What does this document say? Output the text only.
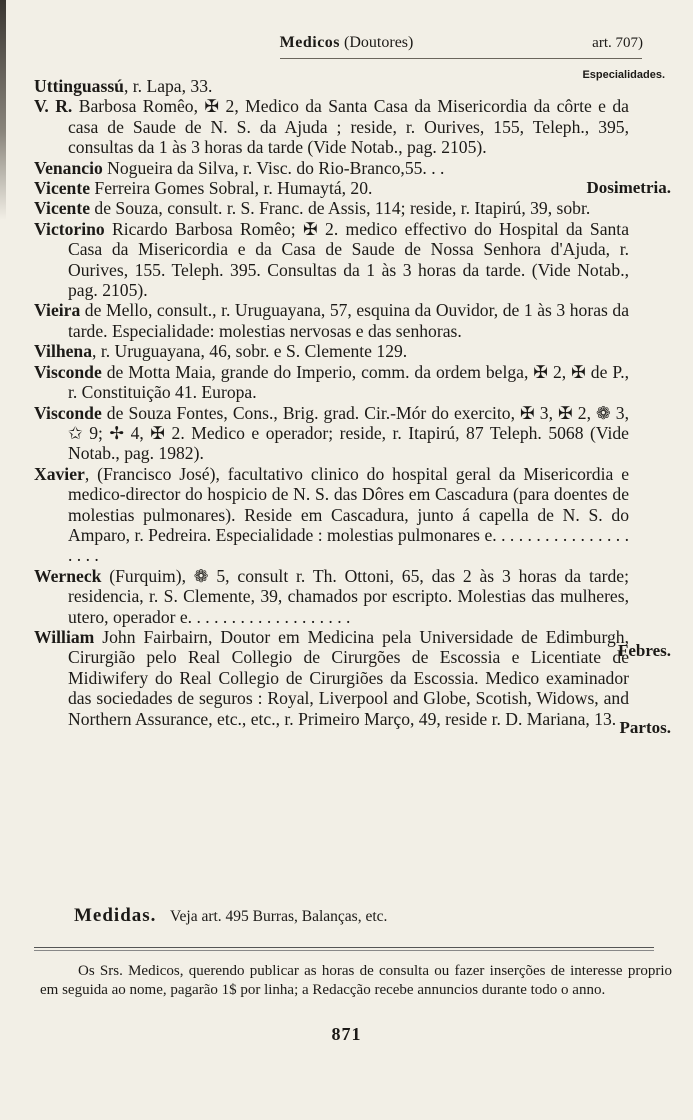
Medicos (Doutores)	art. 707)
Especialidades.

Uttinguassú, r. Lapa, 33.

V. R. Barbosa Romêo, ✠ 2, Medico da Santa Casa da Misericordia da côrte e da casa de Saude de N. S. da Ajuda ; reside, r. Ourives, 155, Teleph., 395, consultas da 1 às 3 horas da tarde (Vide Notab., pag. 2105).

Venancio Nogueira da Silva, r. Visc. do Rio-Branco,55. . .

Vicente Ferreira Gomes Sobral, r. Humaytá, 20.

Vicente de Souza, consult. r. S. Franc. de Assis, 114; reside, r. Itapirú, 39, sobr.

Victorino Ricardo Barbosa Romêo; ✠ 2. medico effectivo do Hospital da Santa Casa da Misericordia e da Casa de Saude de Nossa Senhora d'Ajuda, r. Ourives, 155. Teleph. 395. Consultas da 1 às 3 horas da tarde. (Vide Notab., pag. 2105).

Vieira de Mello, consult., r. Uruguayana, 57, esquina da Ouvidor, de 1 às 3 horas da tarde. Especialidade: molestias nervosas e das senhoras.

Vilhena, r. Uruguayana, 46, sobr. e S. Clemente 129.

Visconde de Motta Maia, grande do Imperio, comm. da ordem belga, ✠ 2, ✠ de P., r. Constituição 41. Europa.

Visconde de Souza Fontes, Cons., Brig. grad. Cir.-Mór do exercito, ✠ 3, ✠ 2, ❁ 3, ✩ 9; ✢ 4, ✠ 2. Medico e operador; reside, r. Itapirú, 87 Teleph. 5068 (Vide Notab., pag. 1982).

Xavier, (Francisco José), facultativo clinico do hospital geral da Misericordia e medico-director do hospicio de N. S. das Dôres em Cascadura (para doentes de molestias pulmonares). Reside em Cascadura, junto á capella de N. S. do Amparo, r. Pedreira. Especialidade : molestias pulmonares e. . . . . . . . . . . . . . . . . . . .

Werneck (Furquim), ❁ 5, consult r. Th. Ottoni, 65, das 2 às 3 horas da tarde; residencia, r. S. Clemente, 39, chamados por escripto. Molestias das mulheres, utero, operador e. . . . . . . . . . . . . . . . . . .

William John Fairbairn, Doutor em Medicina pela Universidade de Edimburgh, Cirurgião pelo Real Collegio de Cirurgões de Escossia e Licentiate de Midiwifery do Real Collegio de Cirurgiões da Escossia. Medico examinador das sociedades de seguros : Royal, Liverpool and Globe, Scotish, Widows, and Northern Assurance, etc., etc., r. Primeiro Março, 49, reside r. D. Mariana, 13.

Dosimetria.
Febres.
Partos.
Medidas. Veja art. 495 Burras, Balanças, etc.
Os Srs. Medicos, querendo publicar as horas de consulta ou fazer inserções de interesse proprio em seguida ao nome, pagarão 1$ por linha; a Redacção recebe annuncios durante todo o anno.
871
